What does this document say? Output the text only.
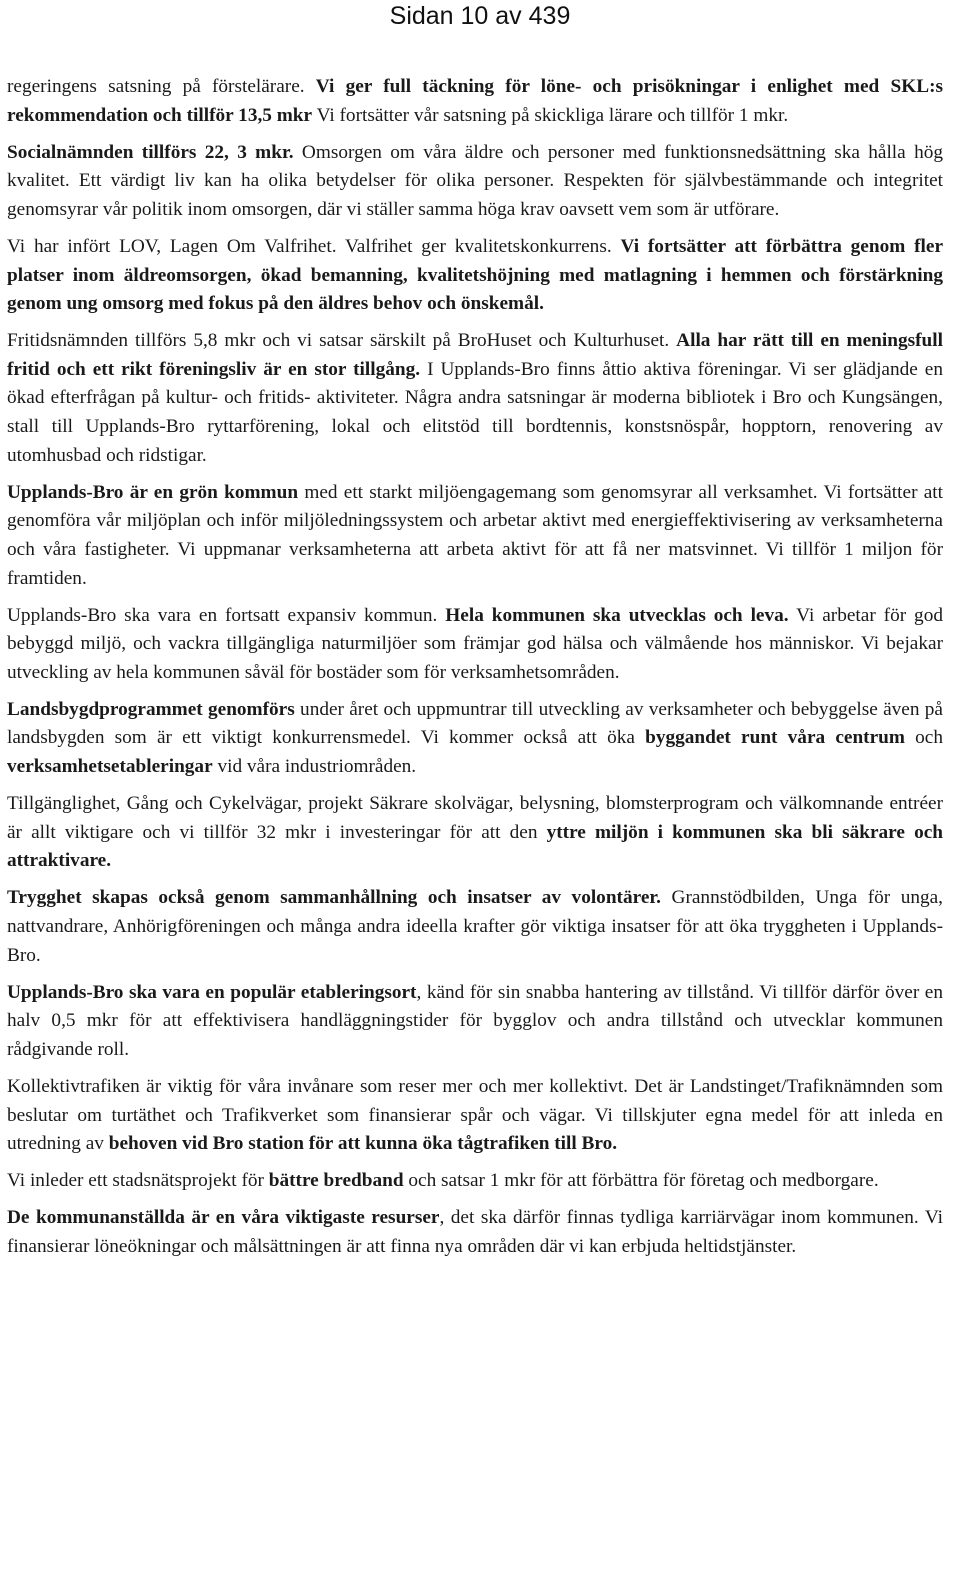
Sidan 10 av 439

regeringens satsning på förstelärare. Vi ger full täckning för löne- och prisökningar i enlighet med SKL:s rekommendation och tillför 13,5 mkr Vi fortsätter vår satsning på skickliga lärare och tillför 1 mkr.

Socialnämnden tillförs 22, 3 mkr. Omsorgen om våra äldre och personer med funktionsnedsättning ska hålla hög kvalitet. Ett värdigt liv kan ha olika betydelser för olika personer. Respekten för självbestämmande och integritet genomsyrar vår politik inom omsorgen, där vi ställer samma höga krav oavsett vem som är utförare.

Vi har infört LOV, Lagen Om Valfrihet. Valfrihet ger kvalitetskonkurrens. Vi fortsätter att förbättra genom fler platser inom äldreomsorgen, ökad bemanning, kvalitetshöjning med matlagning i hemmen och förstärkning genom ung omsorg med fokus på den äldres behov och önskemål.

Fritidsnämnden tillförs 5,8 mkr och vi satsar särskilt på BroHuset och Kulturhuset. Alla har rätt till en meningsfull fritid och ett rikt föreningsliv är en stor tillgång. I Upplands-Bro finns åttio aktiva föreningar. Vi ser glädjande en ökad efterfrågan på kultur- och fritids- aktiviteter. Några andra satsningar är moderna bibliotek i Bro och Kungsängen, stall till Upplands-Bro ryttarförening, lokal och elitstöd till bordtennis, konstsnöspår, hopptorn, renovering av utomhusbad och ridstigar.

Upplands-Bro är en grön kommun med ett starkt miljöengagemang som genomsyrar all verksamhet. Vi fortsätter att genomföra vår miljöplan och inför miljöledningssystem och arbetar aktivt med energieffektivisering av verksamheterna och våra fastigheter. Vi uppmanar verksamheterna att arbeta aktivt för att få ner matsvinnet. Vi tillför 1 miljon för framtiden.

Upplands-Bro ska vara en fortsatt expansiv kommun. Hela kommunen ska utvecklas och leva. Vi arbetar för god bebyggd miljö, och vackra tillgängliga naturmiljöer som främjar god hälsa och välmående hos människor. Vi bejakar utveckling av hela kommunen såväl för bostäder som för verksamhetsområden.

Landsbygdprogrammet genomförs under året och uppmuntrar till utveckling av verksamheter och bebyggelse även på landsbygden som är ett viktigt konkurrensmedel. Vi kommer också att öka byggandet runt våra centrum och verksamhetsetableringar vid våra industriområden.

Tillgänglighet, Gång och Cykelvägar, projekt Säkrare skolvägar, belysning, blomsterprogram och välkomnande entréer är allt viktigare och vi tillför 32 mkr i investeringar för att den yttre miljön i kommunen ska bli säkrare och attraktivare.

Trygghet skapas också genom sammanhållning och insatser av volontärer. Grannstödbilden, Unga för unga, nattvandrare, Anhörigföreningen och många andra ideella krafter gör viktiga insatser för att öka tryggheten i Upplands-Bro.

Upplands-Bro ska vara en populär etableringsort, känd för sin snabba hantering av tillstånd. Vi tillför därför över en halv 0,5 mkr för att effektivisera handläggningstider för bygglov och andra tillstånd och utvecklar kommunen rådgivande roll.

Kollektivtrafiken är viktig för våra invånare som reser mer och mer kollektivt. Det är Landstinget/Trafiknämnden som beslutar om turtäthet och Trafikverket som finansierar spår och vägar. Vi tillskjuter egna medel för att inleda en utredning av behoven vid Bro station för att kunna öka tågtrafiken till Bro.

Vi inleder ett stadsnätsprojekt för bättre bredband och satsar 1 mkr för att förbättra för företag och medborgare.

De kommunanställda är en våra viktigaste resurser, det ska därför finnas tydliga karriärvägar inom kommunen. Vi finansierar löneökningar och målsättningen är att finna nya områden där vi kan erbjuda heltidstjänster.
